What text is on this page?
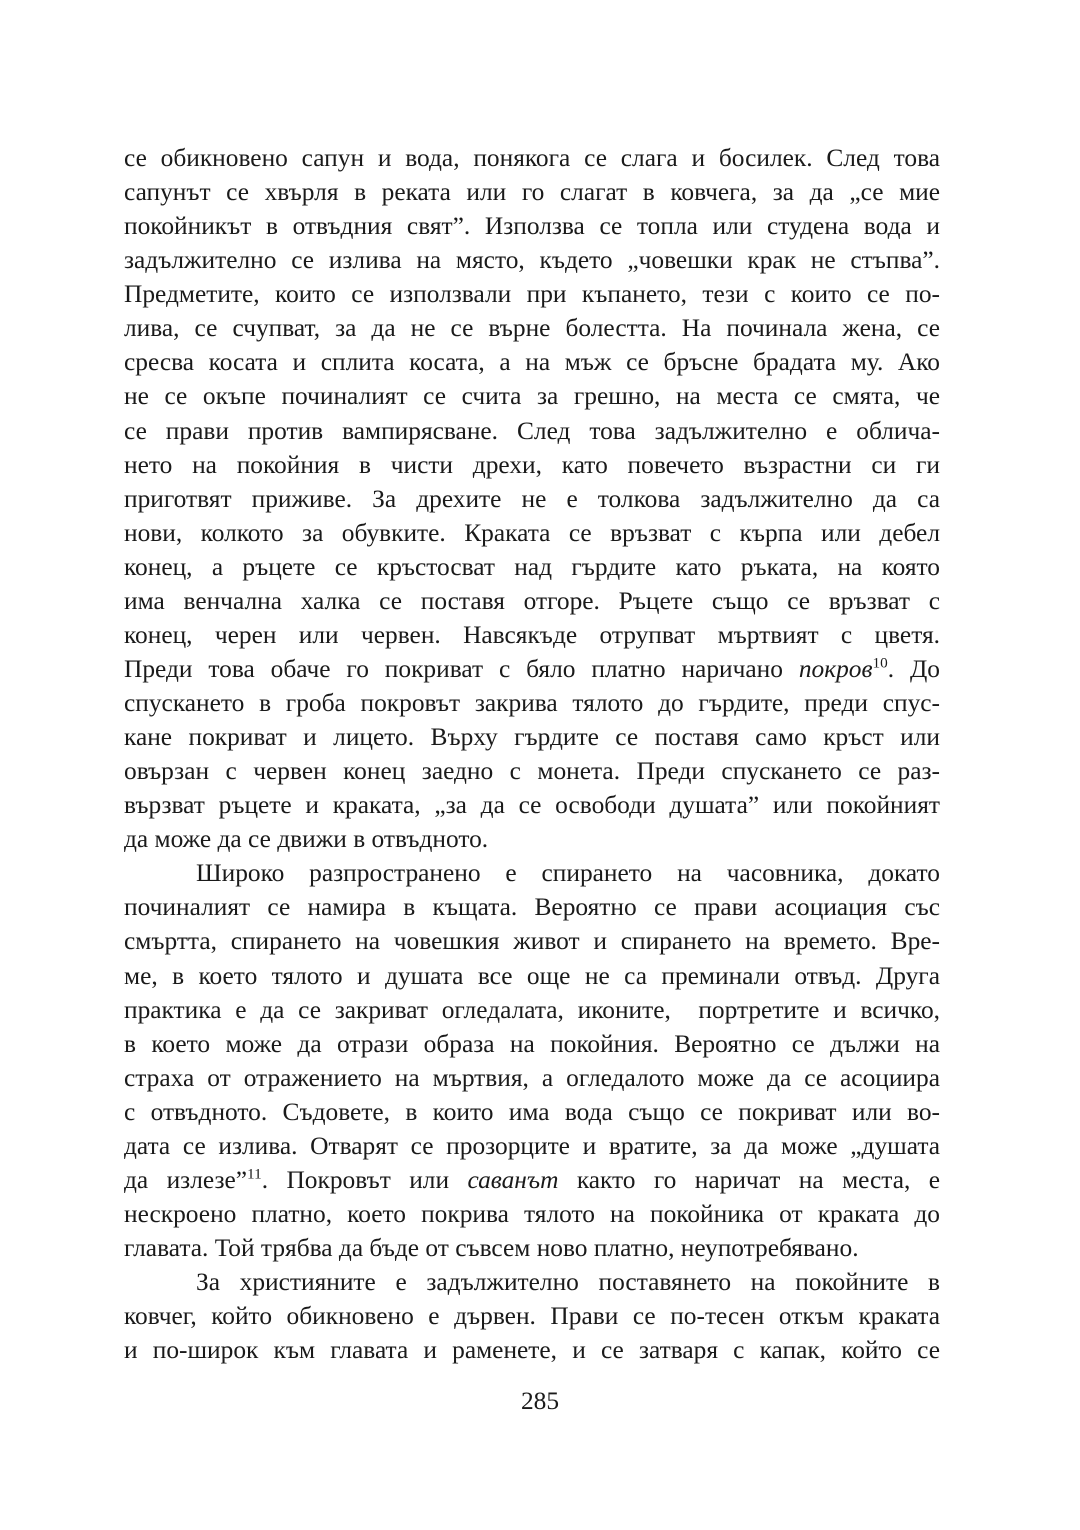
се обикновено сапун и вода, понякога се слага и босилек. След това
сапунът се хвърля в реката или го слагат в ковчега, за да „се мие
покойникът в отвъдния свят”. Използва се топла или студена вода и
задължително се излива на място, където „човешки крак не стъпва”.
Предметите, които се използвали при къпането, тези с които се по-
лива, се счупват, за да не се върне болестта. На починала жена, се
сресва косата и сплита косата, а на мъж се бръсне брадата му. Ако
не се окъпе починалият се счита за грешно, на места се смята, че
се прави против вампирясване. След това задължително е облича-
нето на покойния в чисти дрехи, като повечето възрастни си ги
приготвят приживе. За дрехите не е толкова задължително да са
нови, колкото за обувките. Краката се връзват с кърпа или дебел
конец, а ръцете се кръстосват над гърдите като ръката, на която
има венчална халка се поставя отгоре. Ръцете също се връзват с
конец, черен или червен. Навсякъде отрупват мъртвият с цветя.
Преди това обаче го покриват с бяло платно наричано покров$^{10}$. До
спускането в гроба покровът закрива тялото до гърдите, преди спус-
кане покриват и лицето. Върху гърдите се поставя само кръст или
овързан с червен конец заедно с монета. Преди спускането се раз-
вързват ръцете и краката, „за да се освободи душата” или покойният
да може да се движи в отвъдното.
Широко разпространено е спирането на часовника, докато
починалият се намира в къщата. Вероятно се прави асоциация със
смъртта, спирането на човешкия живот и спирането на времето. Вре-
ме, в което тялото и душата все още не са преминали отвъд. Друга
практика е да се закриват огледалата, иконите,  портретите и всичко,
в което може да отрази образа на покойния. Вероятно се дължи на
страха от отражението на мъртвия, а огледалото може да се асоциира
с отвъдното. Съдовете, в които има вода също се покриват или во-
дата се излива. Отварят се прозорците и вратите, за да може „душата
да излезе”$^{11}$. Покровът или саванът както го наричат на места, е
нескроено платно, което покрива тялото на покойника от краката до
главата. Той трябва да бъде от съвсем ново платно, неупотребявано.
За християните е задължително поставянето на покойните в
ковчег, който обикновено е дървен. Прави се по-тесен откъм краката
и по-широк към главата и раменете, и се затваря с капак, който се
285
